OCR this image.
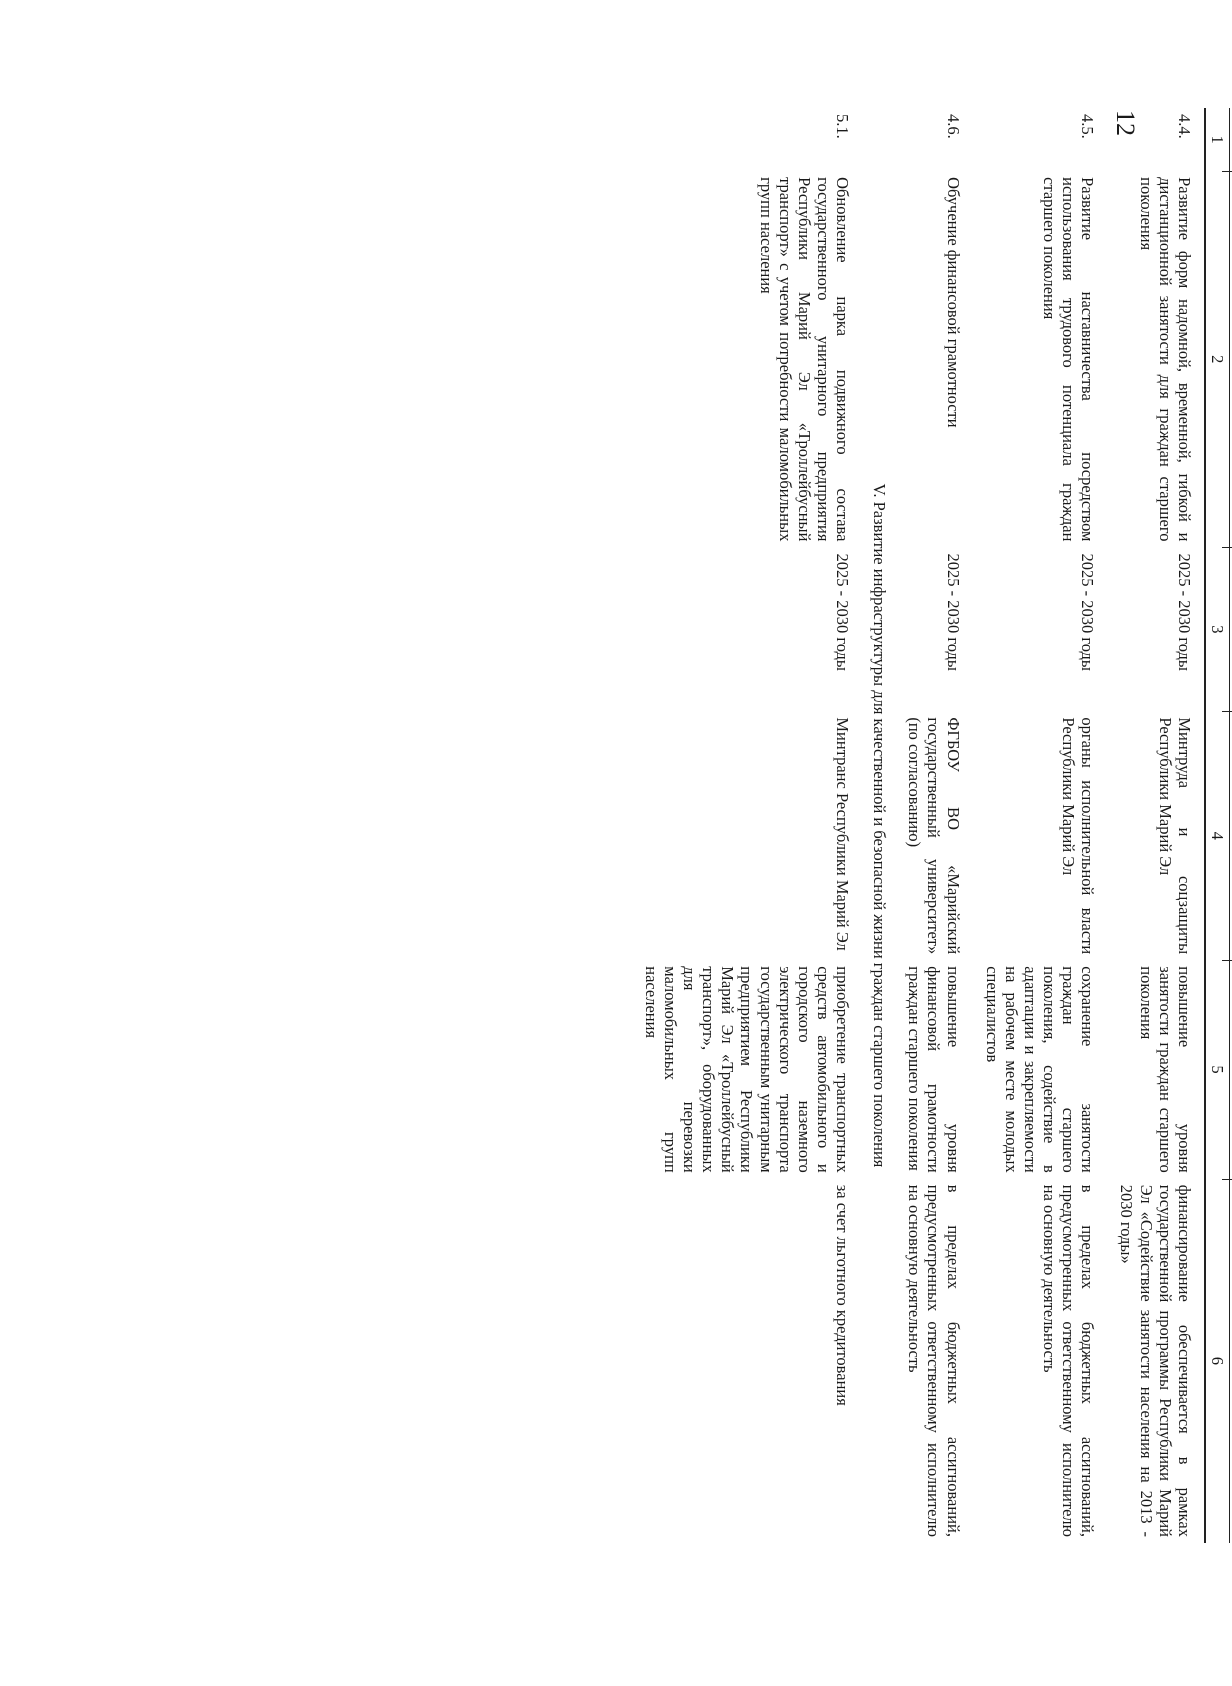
12
1	2	3	4	5	6
4.4.	Развитие форм надомной, временной, гибкой и дистанционной занятости для граждан старшего поколения	2025 - 2030 годы	Минтруда и соцзащиты Республики Марий Эл	повышение уровня занятости граждан старшего поколения	финансирование обеспечивается в рамках государственной программы Республики Марий Эл «Содействие занятости населения на 2013 - 2030 годы»
4.5.	Развитие наставничества посредством использования трудового потенциала граждан старшего поколения	2025 - 2030 годы	органы исполнительной власти Республики Марий Эл	сохранение занятости граждан старшего поколения, содействие в адаптации и закрепляемости на рабочем месте молодых специалистов	в пределах бюджетных ассигнований, предусмотренных ответственному исполнителю на основную деятельность
4.6.	Обучение финансовой грамотности	2025 - 2030 годы	ФГБОУ ВО «Марийский государственный университет» (по согласованию)	повышение уровня финансовой грамотности граждан старшего поколения	в пределах бюджетных ассигнований, предусмотренных ответственному исполнителю на основную деятельность
V. Развитие инфраструктуры для качественной и безопасной жизни граждан старшего поколения					
5.1.	Обновление парка подвижного состава государственного унитарного предприятия Республики Марий Эл «Троллейбусный транспорт» с учетом потребности маломобильных групп населения	2025 - 2030 годы	Минтранс Республики Марий Эл	приобретение транспортных средств автомобильного и городского наземного электрического транспорта государственным унитарным предприятием Республики Марий Эл «Троллейбусный транспорт», оборудованных для перевозки маломобильных групп населения	за счет льготного кредитования
